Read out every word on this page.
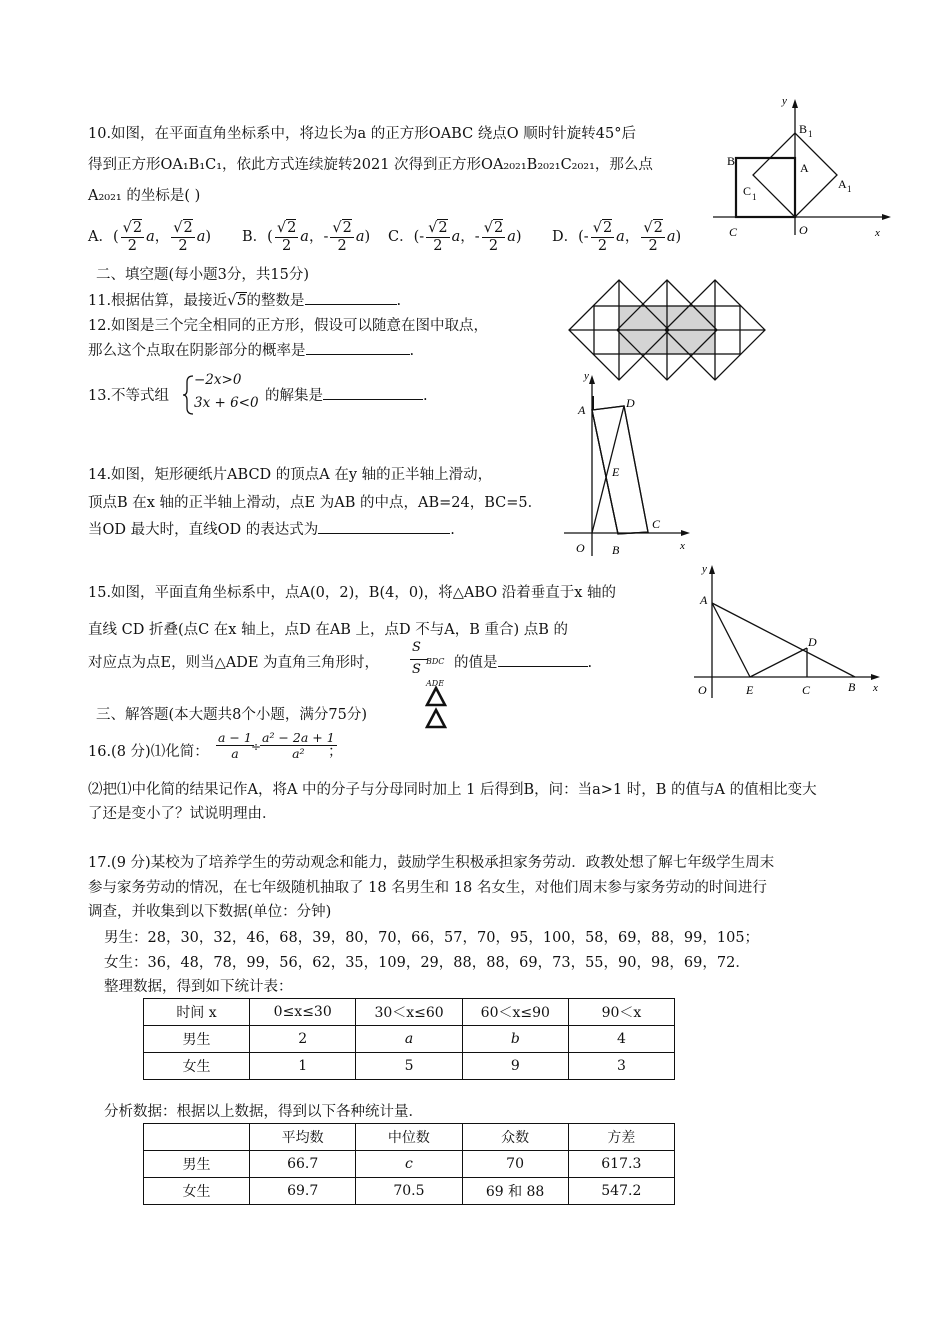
10.如图，在平面直角坐标系中，将边长为a 的正方形OABC 绕点O 顺时针旋转45°后
得到正方形OA₁B₁C₁，依此方式连续旋转2021 次得到正方形OA₂₀₂₁B₂₀₂₁C₂₀₂₁，那么点
A₂₀₂₁ 的坐标是( )
A．( $\frac{√2}{2}$ a， $\frac{√2}{2} a$) B．( $\frac{√2}{2}$ a，- $\frac{√2}{2} a$) C．(- $\frac{√2}{2}$ a，- $\frac{√2}{2} a$) D．(- $\frac{√2}{2}$ a， $\frac{√2}{2} a$)
y
B 1
B	A
C 1
A 1
C	O	x
二、填空题(每小题3分，共15分)
11.根据估算，最接近√5的整数是	.
12.如图是三个完全相同的正方形，假设可以随意在图中取点，
那么这个点取在阴影部分的概率是	.
13.不等式组
−2x>0
3x + 6<0 的解集是	.
14.如图，矩形硬纸片ABCD 的顶点A 在y 轴的正半轴上滑动，
顶点B 在x 轴的正半轴上滑动，点E 为AB 的中点，AB=24，BC=5．
当OD 最大时，直线OD 的表达式为	.
y
A	D
E
C
O B	x
15.如图，平面直角坐标系中，点A(0，2)，B(4，0)，将△ABO 沿着垂直于x 轴的
直线 CD 折叠(点C 在x 轴上，点D 在AB 上，点D 不与A，B 重合) 点B 的
对应点为点E，则当△ADE 为直角三角形时，
S
BDC
S
ADE
的值是	.
y
A
D
O	E	C	B x
三、解答题(本大题共8个小题，满分75分)
16.(8 分)⑴化简：
a − 1
a	÷
a² − 2a + 1
a²	；
⑵把⑴中化简的结果记作A，将A 中的分子与分母同时加上 1 后得到B，问：当a>1 时，B 的值与A 的值相比变大
了还是变小了？试说明理由．
17.(9 分)某校为了培养学生的劳动观念和能力，鼓励学生积极承担家务劳动．政教处想了解七年级学生周末
参与家务劳动的情况，在七年级随机抽取了 18 名男生和 18 名女生，对他们周末参与家务劳动的时间进行
调查，并收集到以下数据(单位：分钟)
男生：28，30，32，46，68，39，80，70，66，57，70，95，100，58，69，88，99，105；
女生：36，48，78，99，56，62，35，109，29，88，88，69，73，55，90，98，69，72．
整理数据，得到如下统计表：
时间 x	0≤x≤30	30＜x≤60	60＜x≤90	90＜x
男生	2	a	b	4
女生	1	5	9	3
分析数据：根据以上数据，得到以下各种统计量．
	平均数	中位数	众数	方差
男生	66.7	c	70	617.3
女生	69.7	70.5	69 和 88	547.2
